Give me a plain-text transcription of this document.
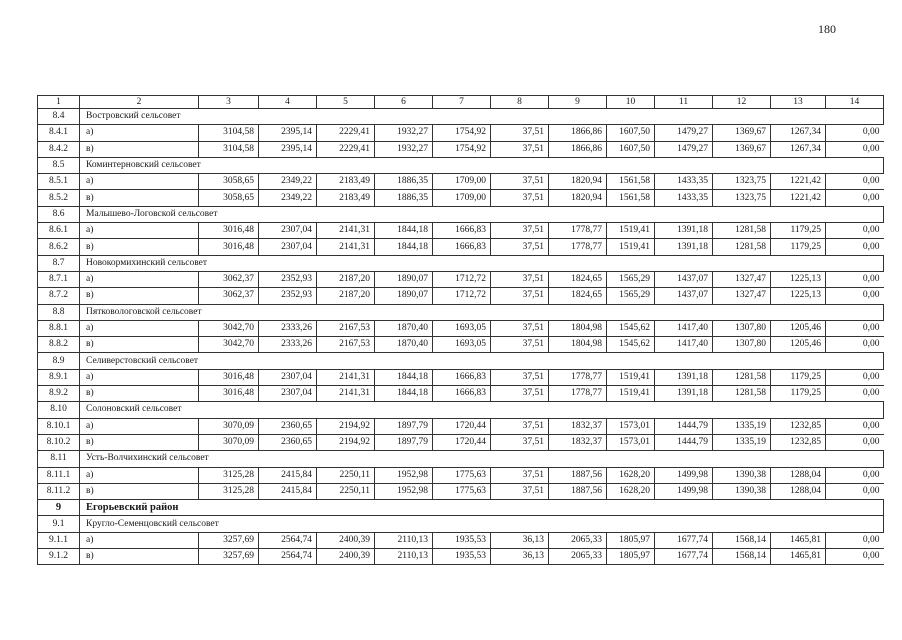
180
1	2	3	4	5	6	7	8	9	10	11	12	13	14
8.4	Востровский сельсовет												
8.4.1	а)	3104,58	2395,14	2229,41	1932,27	1754,92	37,51	1866,86	1607,50	1479,27	1369,67	1267,34	0,00
8.4.2	в)	3104,58	2395,14	2229,41	1932,27	1754,92	37,51	1866,86	1607,50	1479,27	1369,67	1267,34	0,00
8.5	Коминтерновский сельсовет												
8.5.1	а)	3058,65	2349,22	2183,49	1886,35	1709,00	37,51	1820,94	1561,58	1433,35	1323,75	1221,42	0,00
8.5.2	в)	3058,65	2349,22	2183,49	1886,35	1709,00	37,51	1820,94	1561,58	1433,35	1323,75	1221,42	0,00
8.6	Малышево-Логовской сельсовет												
8.6.1	а)	3016,48	2307,04	2141,31	1844,18	1666,83	37,51	1778,77	1519,41	1391,18	1281,58	1179,25	0,00
8.6.2	в)	3016,48	2307,04	2141,31	1844,18	1666,83	37,51	1778,77	1519,41	1391,18	1281,58	1179,25	0,00
8.7	Новокормихинский сельсовет												
8.7.1	а)	3062,37	2352,93	2187,20	1890,07	1712,72	37,51	1824,65	1565,29	1437,07	1327,47	1225,13	0,00
8.7.2	в)	3062,37	2352,93	2187,20	1890,07	1712,72	37,51	1824,65	1565,29	1437,07	1327,47	1225,13	0,00
8.8	Пятковологовской сельсовет												
8.8.1	а)	3042,70	2333,26	2167,53	1870,40	1693,05	37,51	1804,98	1545,62	1417,40	1307,80	1205,46	0,00
8.8.2	в)	3042,70	2333,26	2167,53	1870,40	1693,05	37,51	1804,98	1545,62	1417,40	1307,80	1205,46	0,00
8.9	Селиверстовский сельсовет												
8.9.1	а)	3016,48	2307,04	2141,31	1844,18	1666,83	37,51	1778,77	1519,41	1391,18	1281,58	1179,25	0,00
8.9.2	в)	3016,48	2307,04	2141,31	1844,18	1666,83	37,51	1778,77	1519,41	1391,18	1281,58	1179,25	0,00
8.10	Солоновский сельсовет												
8.10.1	а)	3070,09	2360,65	2194,92	1897,79	1720,44	37,51	1832,37	1573,01	1444,79	1335,19	1232,85	0,00
8.10.2	в)	3070,09	2360,65	2194,92	1897,79	1720,44	37,51	1832,37	1573,01	1444,79	1335,19	1232,85	0,00
8.11	Усть-Волчихинский сельсовет												
8.11.1	а)	3125,28	2415,84	2250,11	1952,98	1775,63	37,51	1887,56	1628,20	1499,98	1390,38	1288,04	0,00
8.11.2	в)	3125,28	2415,84	2250,11	1952,98	1775,63	37,51	1887,56	1628,20	1499,98	1390,38	1288,04	0,00
9	Егорьевский район												
9.1	Кругло-Семенцовский сельсовет												
9.1.1	а)	3257,69	2564,74	2400,39	2110,13	1935,53	36,13	2065,33	1805,97	1677,74	1568,14	1465,81	0,00
9.1.2	в)	3257,69	2564,74	2400,39	2110,13	1935,53	36,13	2065,33	1805,97	1677,74	1568,14	1465,81	0,00
